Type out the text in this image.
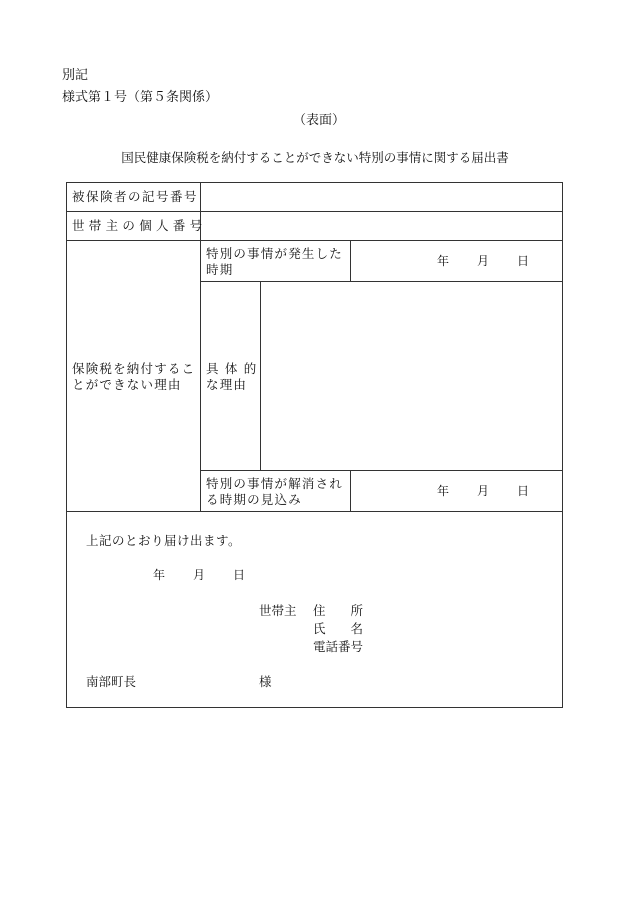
別記
様式第１号（第５条関係）
（表面）
国民健康保険税を納付することができない特別の事情に関する届出書
被保険者の記号番号
世帯主の個人番号
保険税を納付するこ
とができない理由
特別の事情が発生した
時期
年 月 日
具 体 的
な理由
特別の事情が解消され
る時期の見込み
年 月 日
上記のとおり届け出ます。
年 月 日
世帯主 住　　所
氏　　名
電話番号
南部町長	様
